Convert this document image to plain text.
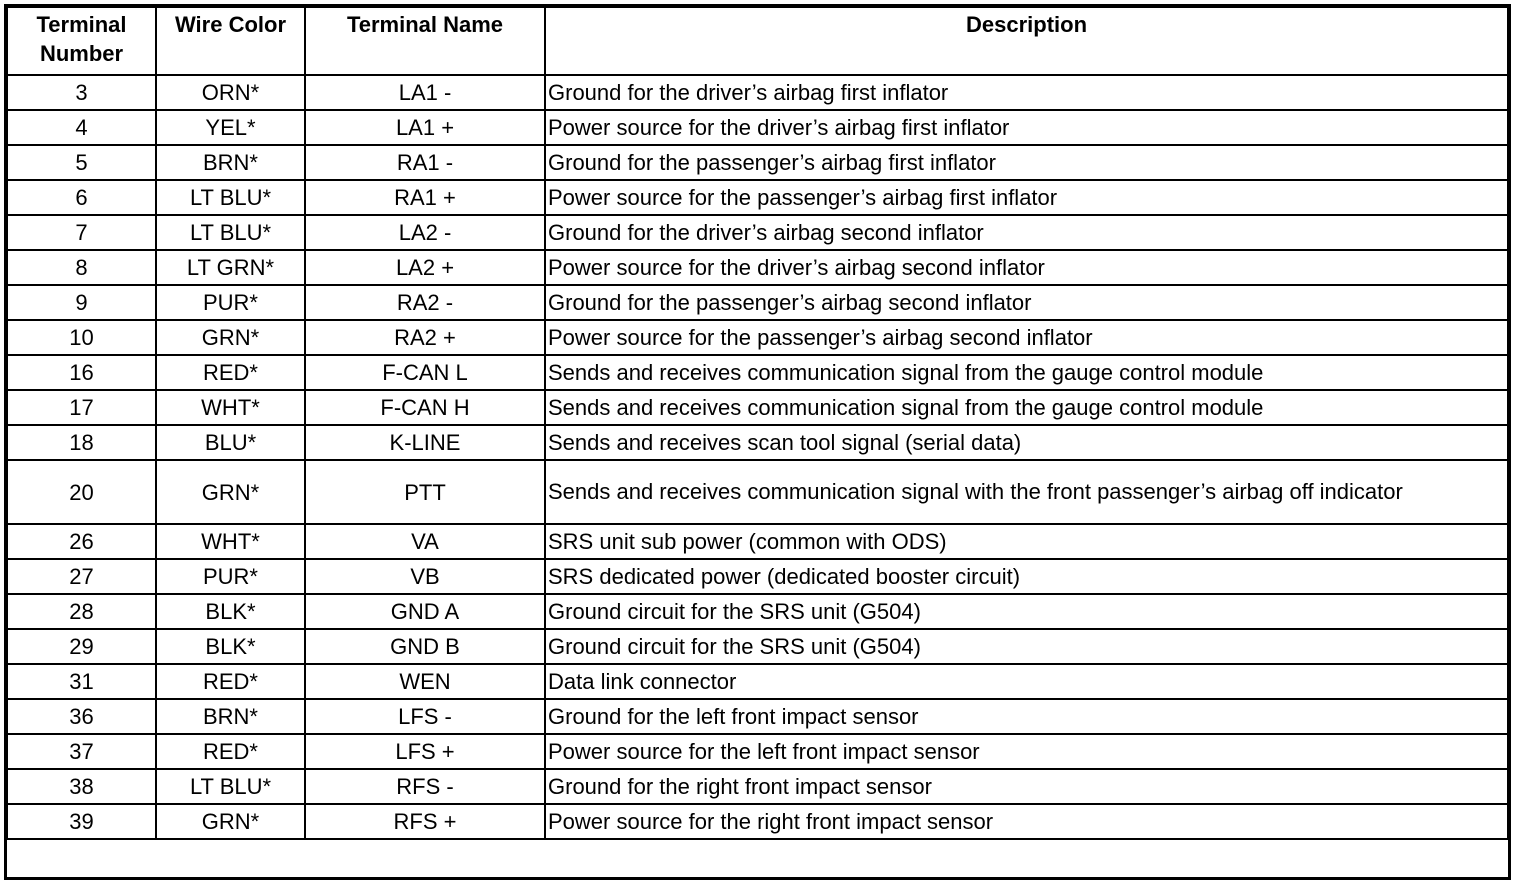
Terminal
Number	Wire Color	Terminal Name	Description
3	ORN*	LA1 -	Ground for the driver’s airbag first inflator
4	YEL*	LA1 +	Power source for the driver’s airbag first inflator
5	BRN*	RA1 -	Ground for the passenger’s airbag first inflator
6	LT BLU*	RA1 +	Power source for the passenger’s airbag first inflator
7	LT BLU*	LA2 -	Ground for the driver’s airbag second inflator
8	LT GRN*	LA2 +	Power source for the driver’s airbag second inflator
9	PUR*	RA2 -	Ground for the passenger’s airbag second inflator
10	GRN*	RA2 +	Power source for the passenger’s airbag second inflator
16	RED*	F-CAN L	Sends and receives communication signal from the gauge control module
17	WHT*	F-CAN H	Sends and receives communication signal from the gauge control module
18	BLU*	K-LINE	Sends and receives scan tool signal (serial data)
20	GRN*	PTT	Sends and receives communication signal with the front passenger’s airbag off indicator
26	WHT*	VA	SRS unit sub power (common with ODS)
27	PUR*	VB	SRS dedicated power (dedicated booster circuit)
28	BLK*	GND A	Ground circuit for the SRS unit (G504)
29	BLK*	GND B	Ground circuit for the SRS unit (G504)
31	RED*	WEN	Data link connector
36	BRN*	LFS -	Ground for the left front impact sensor
37	RED*	LFS +	Power source for the left front impact sensor
38	LT BLU*	RFS -	Ground for the right front impact sensor
39	GRN*	RFS +	Power source for the right front impact sensor
